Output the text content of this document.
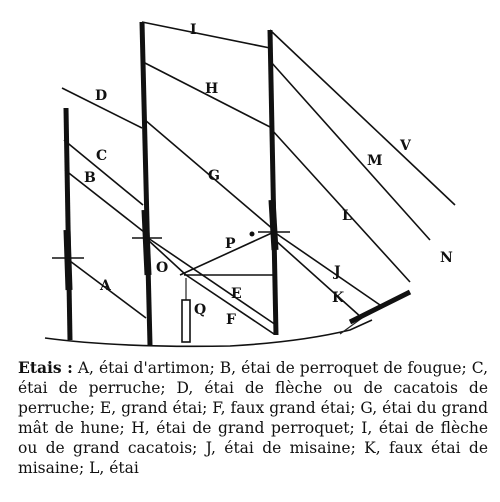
I
H
D
C
B	G
A
O
P
E
Q
F
V
M
L
J
K
N

Etais : A, étai d'artimon; B, étai de perroquet de fougue; C, étai de perruche; D, étai de flèche ou de cacatois de perruche; E, grand étai; F, faux grand étai; G, étai du grand mât de hune; H, étai de grand perroquet; I, étai de flèche ou de grand cacatois; J, étai de misaine; K, faux étai de misaine; L, étai
